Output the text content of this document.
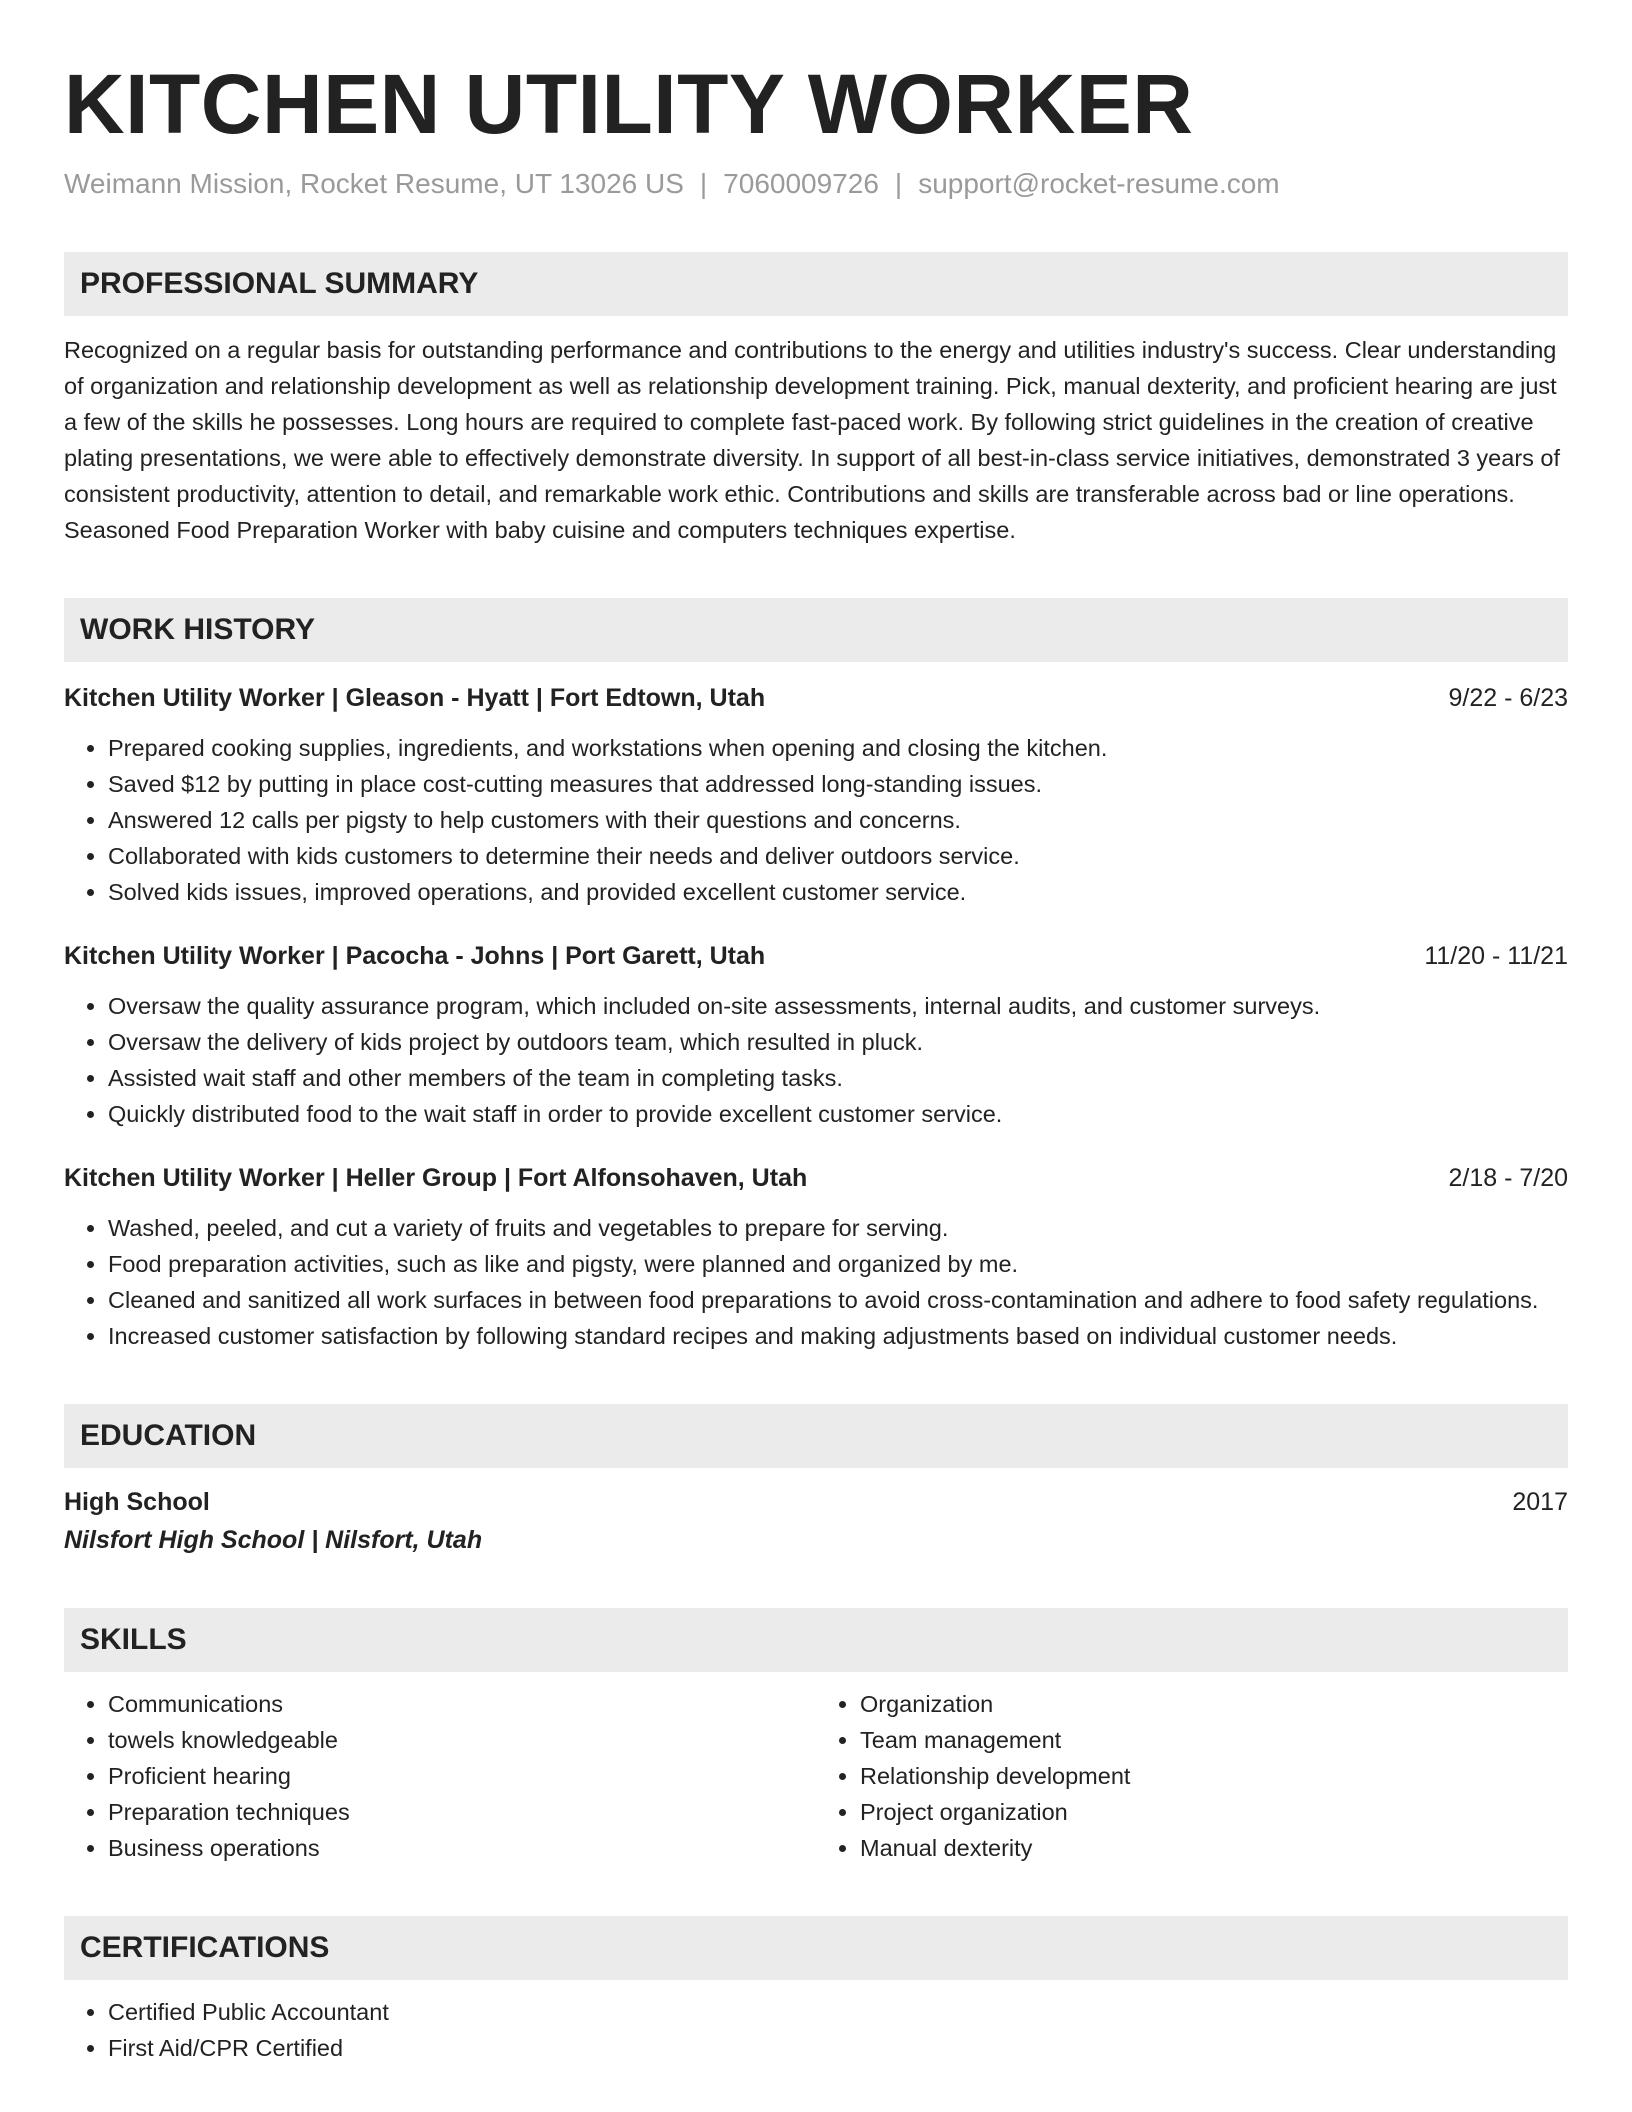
KITCHEN UTILITY WORKER
Weimann Mission, Rocket Resume, UT 13026 US | 7060009726 | support@rocket-resume.com
PROFESSIONAL SUMMARY
Recognized on a regular basis for outstanding performance and contributions to the energy and utilities industry's success. Clear understanding of organization and relationship development as well as relationship development training. Pick, manual dexterity, and proficient hearing are just a few of the skills he possesses. Long hours are required to complete fast-paced work. By following strict guidelines in the creation of creative plating presentations, we were able to effectively demonstrate diversity. In support of all best-in-class service initiatives, demonstrated 3 years of consistent productivity, attention to detail, and remarkable work ethic. Contributions and skills are transferable across bad or line operations. Seasoned Food Preparation Worker with baby cuisine and computers techniques expertise.
WORK HISTORY
Kitchen Utility Worker | Gleason - Hyatt | Fort Edtown, Utah	9/22 - 6/23
• Prepared cooking supplies, ingredients, and workstations when opening and closing the kitchen.
• Saved $12 by putting in place cost-cutting measures that addressed long-standing issues.
• Answered 12 calls per pigsty to help customers with their questions and concerns.
• Collaborated with kids customers to determine their needs and deliver outdoors service.
• Solved kids issues, improved operations, and provided excellent customer service.
Kitchen Utility Worker | Pacocha - Johns | Port Garett, Utah	11/20 - 11/21
• Oversaw the quality assurance program, which included on-site assessments, internal audits, and customer surveys.
• Oversaw the delivery of kids project by outdoors team, which resulted in pluck.
• Assisted wait staff and other members of the team in completing tasks.
• Quickly distributed food to the wait staff in order to provide excellent customer service.
Kitchen Utility Worker | Heller Group | Fort Alfonsohaven, Utah	2/18 - 7/20
• Washed, peeled, and cut a variety of fruits and vegetables to prepare for serving.
• Food preparation activities, such as like and pigsty, were planned and organized by me.
• Cleaned and sanitized all work surfaces in between food preparations to avoid cross-contamination and adhere to food safety regulations.
• Increased customer satisfaction by following standard recipes and making adjustments based on individual customer needs.
EDUCATION
High School	2017
Nilsfort High School | Nilsfort, Utah
SKILLS
• Communications
• towels knowledgeable
• Proficient hearing
• Preparation techniques
• Business operations
• Organization
• Team management
• Relationship development
• Project organization
• Manual dexterity
CERTIFICATIONS
• Certified Public Accountant
• First Aid/CPR Certified
